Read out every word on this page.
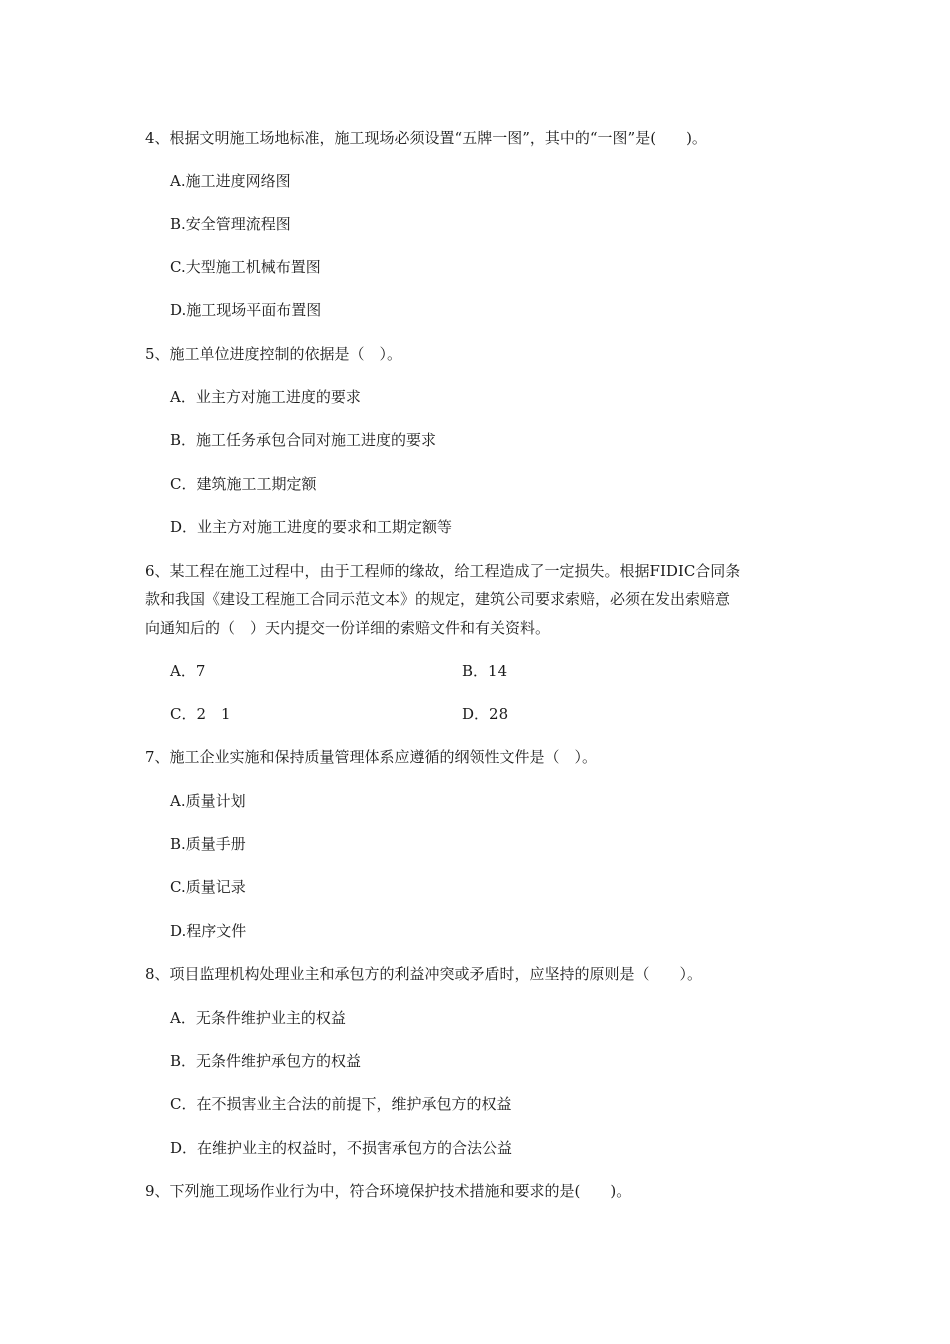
4、根据文明施工场地标准，施工现场必须设置“五牌一图”，其中的“一图”是(　　)。
A.施工进度网络图
B.安全管理流程图
C.大型施工机械布置图
D.施工现场平面布置图
5、施工单位进度控制的依据是（　）。
A．业主方对施工进度的要求
B．施工任务承包合同对施工进度的要求
C．建筑施工工期定额
D．业主方对施工进度的要求和工期定额等
6、某工程在施工过程中，由于工程师的缘故，给工程造成了一定损失。根据FIDIC合同条
款和我国《建设工程施工合同示范文本》的规定，建筑公司要求索赔，必须在发出索赔意
向通知后的（　）天内提交一份详细的索赔文件和有关资料。
A．7	B．14
C．2　1	D．28
7、施工企业实施和保持质量管理体系应遵循的纲领性文件是（　）。
A.质量计划
B.质量手册
C.质量记录
D.程序文件
8、项目监理机构处理业主和承包方的利益冲突或矛盾时，应坚持的原则是（　　）。
A．无条件维护业主的权益
B．无条件维护承包方的权益
C．在不损害业主合法的前提下，维护承包方的权益
D．在维护业主的权益时，不损害承包方的合法公益
9、下列施工现场作业行为中，符合环境保护技术措施和要求的是(　　)。
